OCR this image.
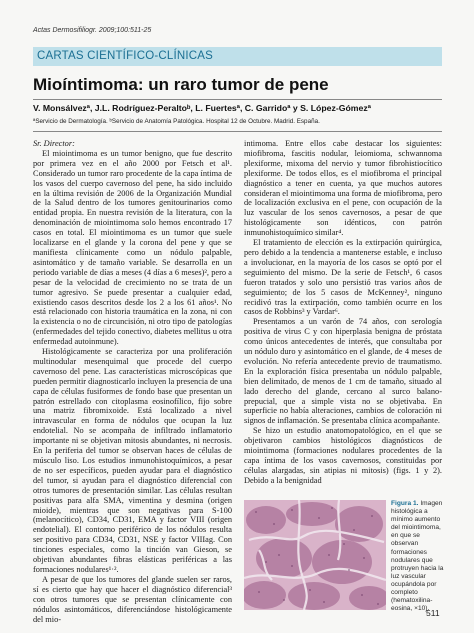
Actas Dermosifiliogr. 2009;100:511-25
CARTAS CIENTÍFICO-CLÍNICAS
Mioíntimoma: un raro tumor de pene
V. Monsálvezª, J.L. Rodríguez-Peraltoᵇ, L. Fuertesª, C. Garridoª y S. López-Gómezª
ªServicio de Dermatología. ᵇServicio de Anatomía Patológica. Hospital 12 de Octubre. Madrid. España.

Sr. Director:

El miointimoma es un tumor benigno, que fue descrito por primera vez en el año 2000 por Fetsch et al¹. Considerado un tumor raro procedente de la capa íntima de los vasos del cuerpo cavernoso del pene, ha sido incluido en la última revisión de 2006 de la Organización Mundial de la Salud dentro de los tumores genitourinarios como entidad propia. En nuestra revisión de la literatura, con la denominación de miointimoma solo hemos encontrado 17 casos en total. El miointimoma es un tumor que suele localizarse en el glande y la corona del pene y que se manifiesta clínicamente como un nódulo palpable, asintomático y de tamaño variable. Se desarrolla en un periodo variable de días a meses (4 días a 6 meses)², pero a pesar de la velocidad de crecimiento no se trata de un tumor agresivo. Se puede presentar a cualquier edad, existiendo casos descritos desde los 2 a los 61 años¹. No está relacionado con historia traumática en la zona, ni con la existencia o no de circuncisión, ni otro tipo de patologías (enfermedades del tejido conectivo, diabetes mellitus u otra enfermedad autoinmune).

Histológicamente se caracteriza por una proliferación multinodular mesenquimal que procede del cuerpo cavernoso del pene. Las características microscópicas que pueden permitir diagnosticarlo incluyen la presencia de una capa de células fusiformes de fondo base que presentan un patrón estrellado con citoplasma eosinofílico, fijo sobre una matriz fibromixoide. Está localizado a nivel intravascular en forma de nódulos que ocupan la luz endotelial. No se acompaña de infiltrado inflamatorio importante ni se objetivan mitosis abundantes, ni necrosis. En la periferia del tumor se observan haces de células de músculo liso. Los estudios inmunohistoquímicos, a pesar de no ser específicos, pueden ayudar para el diagnóstico del tumor, si ayudan para el diagnóstico diferencial con otros tumores de presentación similar. Las células resultan positivas para alfa SMA, vimentina y desmina (origen mioide), mientras que son negativas para S-100 (melanocítico), CD34, CD31, EMA y factor VIII (origen endotelial). El contorno periférico de los nódulos resulta ser positivo para CD34, CD31, NSE y factor VIIIag. Con tinciones especiales, como la tinción van Gieson, se objetivan abundantes fibras elásticas periféricas a las formaciones nodulares¹·².

A pesar de que los tumores del glande suelen ser raros, sí es cierto que hay que hacer el diagnóstico diferencial³ con otros tumores que se presentan clínicamente con nódulos asintomáticos, diferenciándose histológicamente del mio-

intimoma. Entre ellos cabe destacar los siguientes: miofibroma, fascitis nodular, leiomioma, schwannoma plexiforme, mixoma del nervio y tumor fibrohistiocítico plexiforme. De todos ellos, es el miofibroma el principal diagnóstico a tener en cuenta, ya que muchos autores consideran el miointimoma una forma de miofibroma, pero de localización exclusiva en el pene, con ocupación de la luz vascular de los senos cavernosos, a pesar de que histológicamente son idénticos, con patrón inmunohistoquímico similar⁴.

El tratamiento de elección es la extirpación quirúrgica, pero debido a la tendencia a mantenerse estable, e incluso a involucionar, en la mayoría de los casos se optó por el seguimiento del mismo. De la serie de Fetsch¹, 6 casos fueron tratados y solo uno persistió tras varios años de seguimiento; de los 5 casos de McKenney², ninguno recidivó tras la extirpación, como también ocurre en los casos de Robbins³ y Vardar⁶.

Presentamos a un varón de 74 años, con serología positiva de virus C y con hiperplasia benigna de próstata como únicos antecedentes de interés, que consultaba por un nódulo duro y asintomático en el glande, de 4 meses de evolución. No refería antecedente previo de traumatismo. En la exploración física presentaba un nódulo palpable, bien delimitado, de menos de 1 cm de tamaño, situado al lado derecho del glande, cercano al surco balano-prepucial, que a simple vista no se objetivaba. En superficie no había alteraciones, cambios de coloración ni signos de inflamación. Se presentaba clínica acompañante.

Se hizo un estudio anatomopatológico, en el que se objetivaron cambios histológicos diagnósticos de miointimoma (formaciones nodulares procedentes de la capa íntima de los vasos cavernosos, constituidas por células alargadas, sin atipias ni mitosis) (figs. 1 y 2). Debido a la benignidad

Figura 1. Imagen histológica a mínimo aumento del miointimoma, en que se observan formaciones nodulares que protruyen hacia la luz vascular ocupándola por completo (hematoxilina-eosina, ×10).
511
